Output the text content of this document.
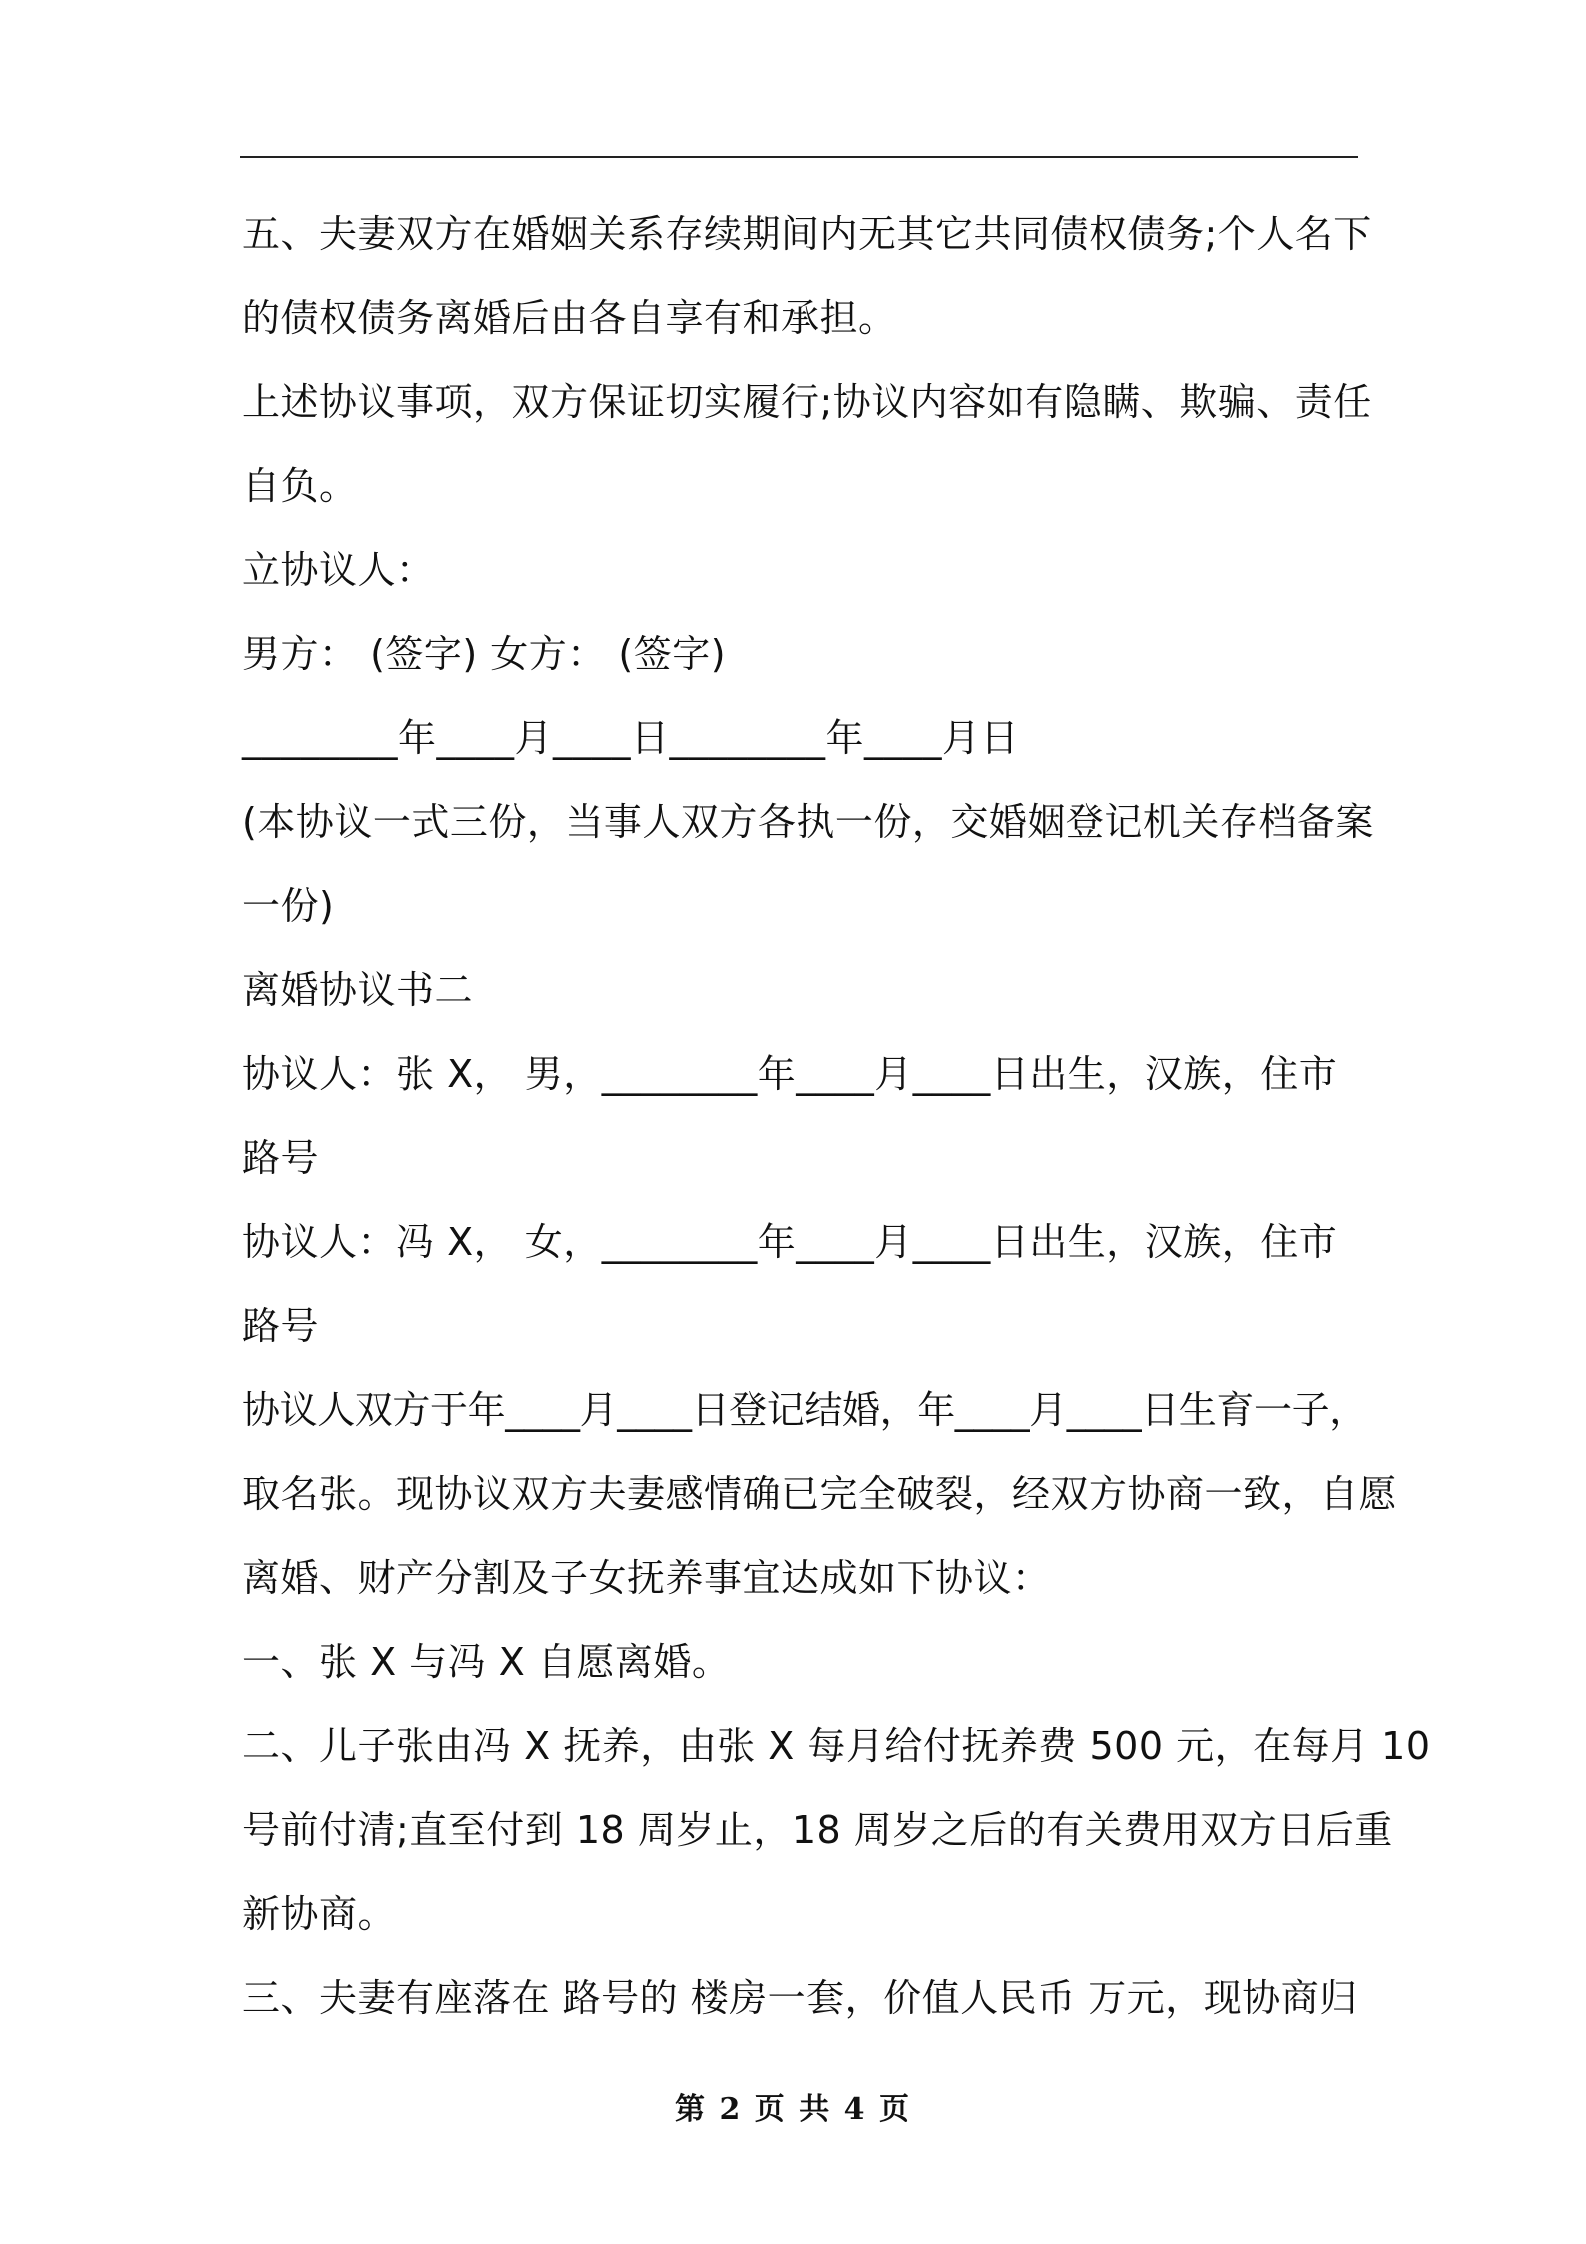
五、夫妻双方在婚姻关系存续期间内无其它共同债权债务;个人名下
的债权债务离婚后由各自享有和承担。
上述协议事项，双方保证切实履行;协议内容如有隐瞒、欺骗、责任
自负。
立协议人：
男方： (签字) 女方： (签字)
________年____月____日________年____月日
(本协议一式三份，当事人双方各执一份，交婚姻登记机关存档备案
一份)
离婚协议书二
协议人：张 X， 男，________年____月____日出生，汉族，住市
路号
协议人：冯 X， 女，________年____月____日出生，汉族，住市
路号
协议人双方于年____月____日登记结婚，年____月____日生育一子，
取名张。现协议双方夫妻感情确已完全破裂，经双方协商一致，自愿
离婚、财产分割及子女抚养事宜达成如下协议：
一、张 X 与冯 X 自愿离婚。
二、儿子张由冯 X 抚养，由张 X 每月给付抚养费 500 元，在每月 10
号前付清;直至付到 18 周岁止，18 周岁之后的有关费用双方日后重
新协商。
三、夫妻有座落在 路号的 楼房一套，价值人民币 万元，现协商归
第 2 页 共 4 页
